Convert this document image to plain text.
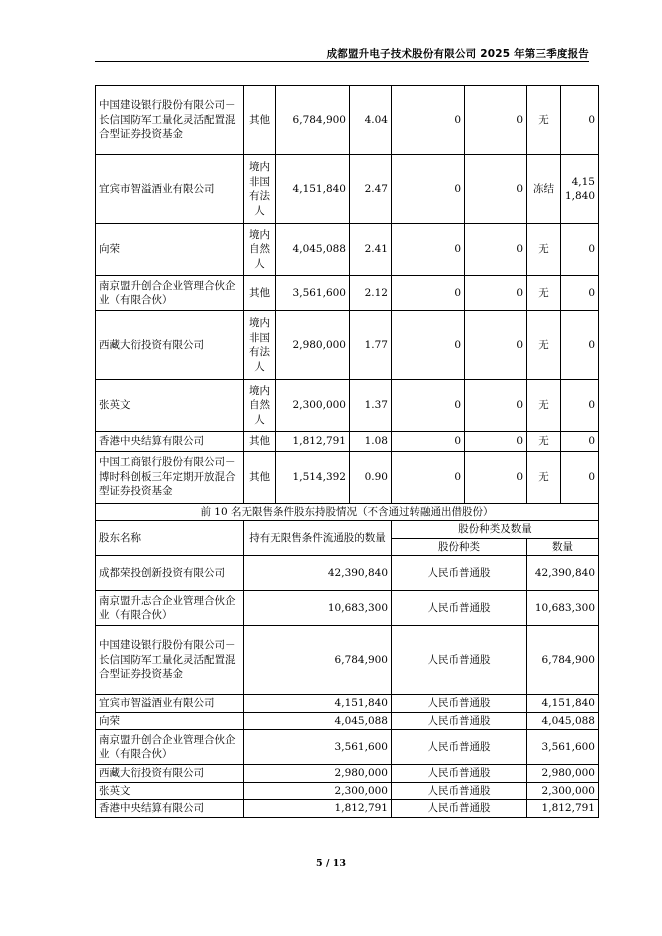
成都盟升电子技术股份有限公司 2025 年第三季度报告
中国建设银行股份有限公司－长信国防军工量化灵活配置混合型证券投资基金	其他	6,784,900	4.04	0	0	无	0
宜宾市智溢酒业有限公司	境内非国有法人	4,151,840	2.47	0	0	冻结	4,151,840
向荣	境内自然人	4,045,088	2.41	0	0	无	0
南京盟升创合企业管理合伙企业（有限合伙）	其他	3,561,600	2.12	0	0	无	0
西藏大衍投资有限公司	境内非国有法人	2,980,000	1.77	0	0	无	0
张英文	境内自然人	2,300,000	1.37	0	0	无	0
香港中央结算有限公司	其他	1,812,791	1.08	0	0	无	0
中国工商银行股份有限公司－博时科创板三年定期开放混合型证券投资基金	其他	1,514,392	0.90	0	0	无	0
前 10 名无限售条件股东持股情况（不含通过转融通出借股份）							
股东名称	持有无限售条件流通股的数量			股份种类及数量			
				股份种类		数量	
成都荣投创新投资有限公司	42,390,840			人民币普通股		42,390,840	
南京盟升志合企业管理合伙企业（有限合伙）	10,683,300			人民币普通股		10,683,300	
中国建设银行股份有限公司－长信国防军工量化灵活配置混合型证券投资基金	6,784,900			人民币普通股		6,784,900	
宜宾市智溢酒业有限公司	4,151,840			人民币普通股		4,151,840	
向荣	4,045,088			人民币普通股		4,045,088	
南京盟升创合企业管理合伙企业（有限合伙）	3,561,600			人民币普通股		3,561,600	
西藏大衍投资有限公司	2,980,000			人民币普通股		2,980,000	
张英文	2,300,000			人民币普通股		2,300,000	
香港中央结算有限公司	1,812,791			人民币普通股		1,812,791	
5 / 13
